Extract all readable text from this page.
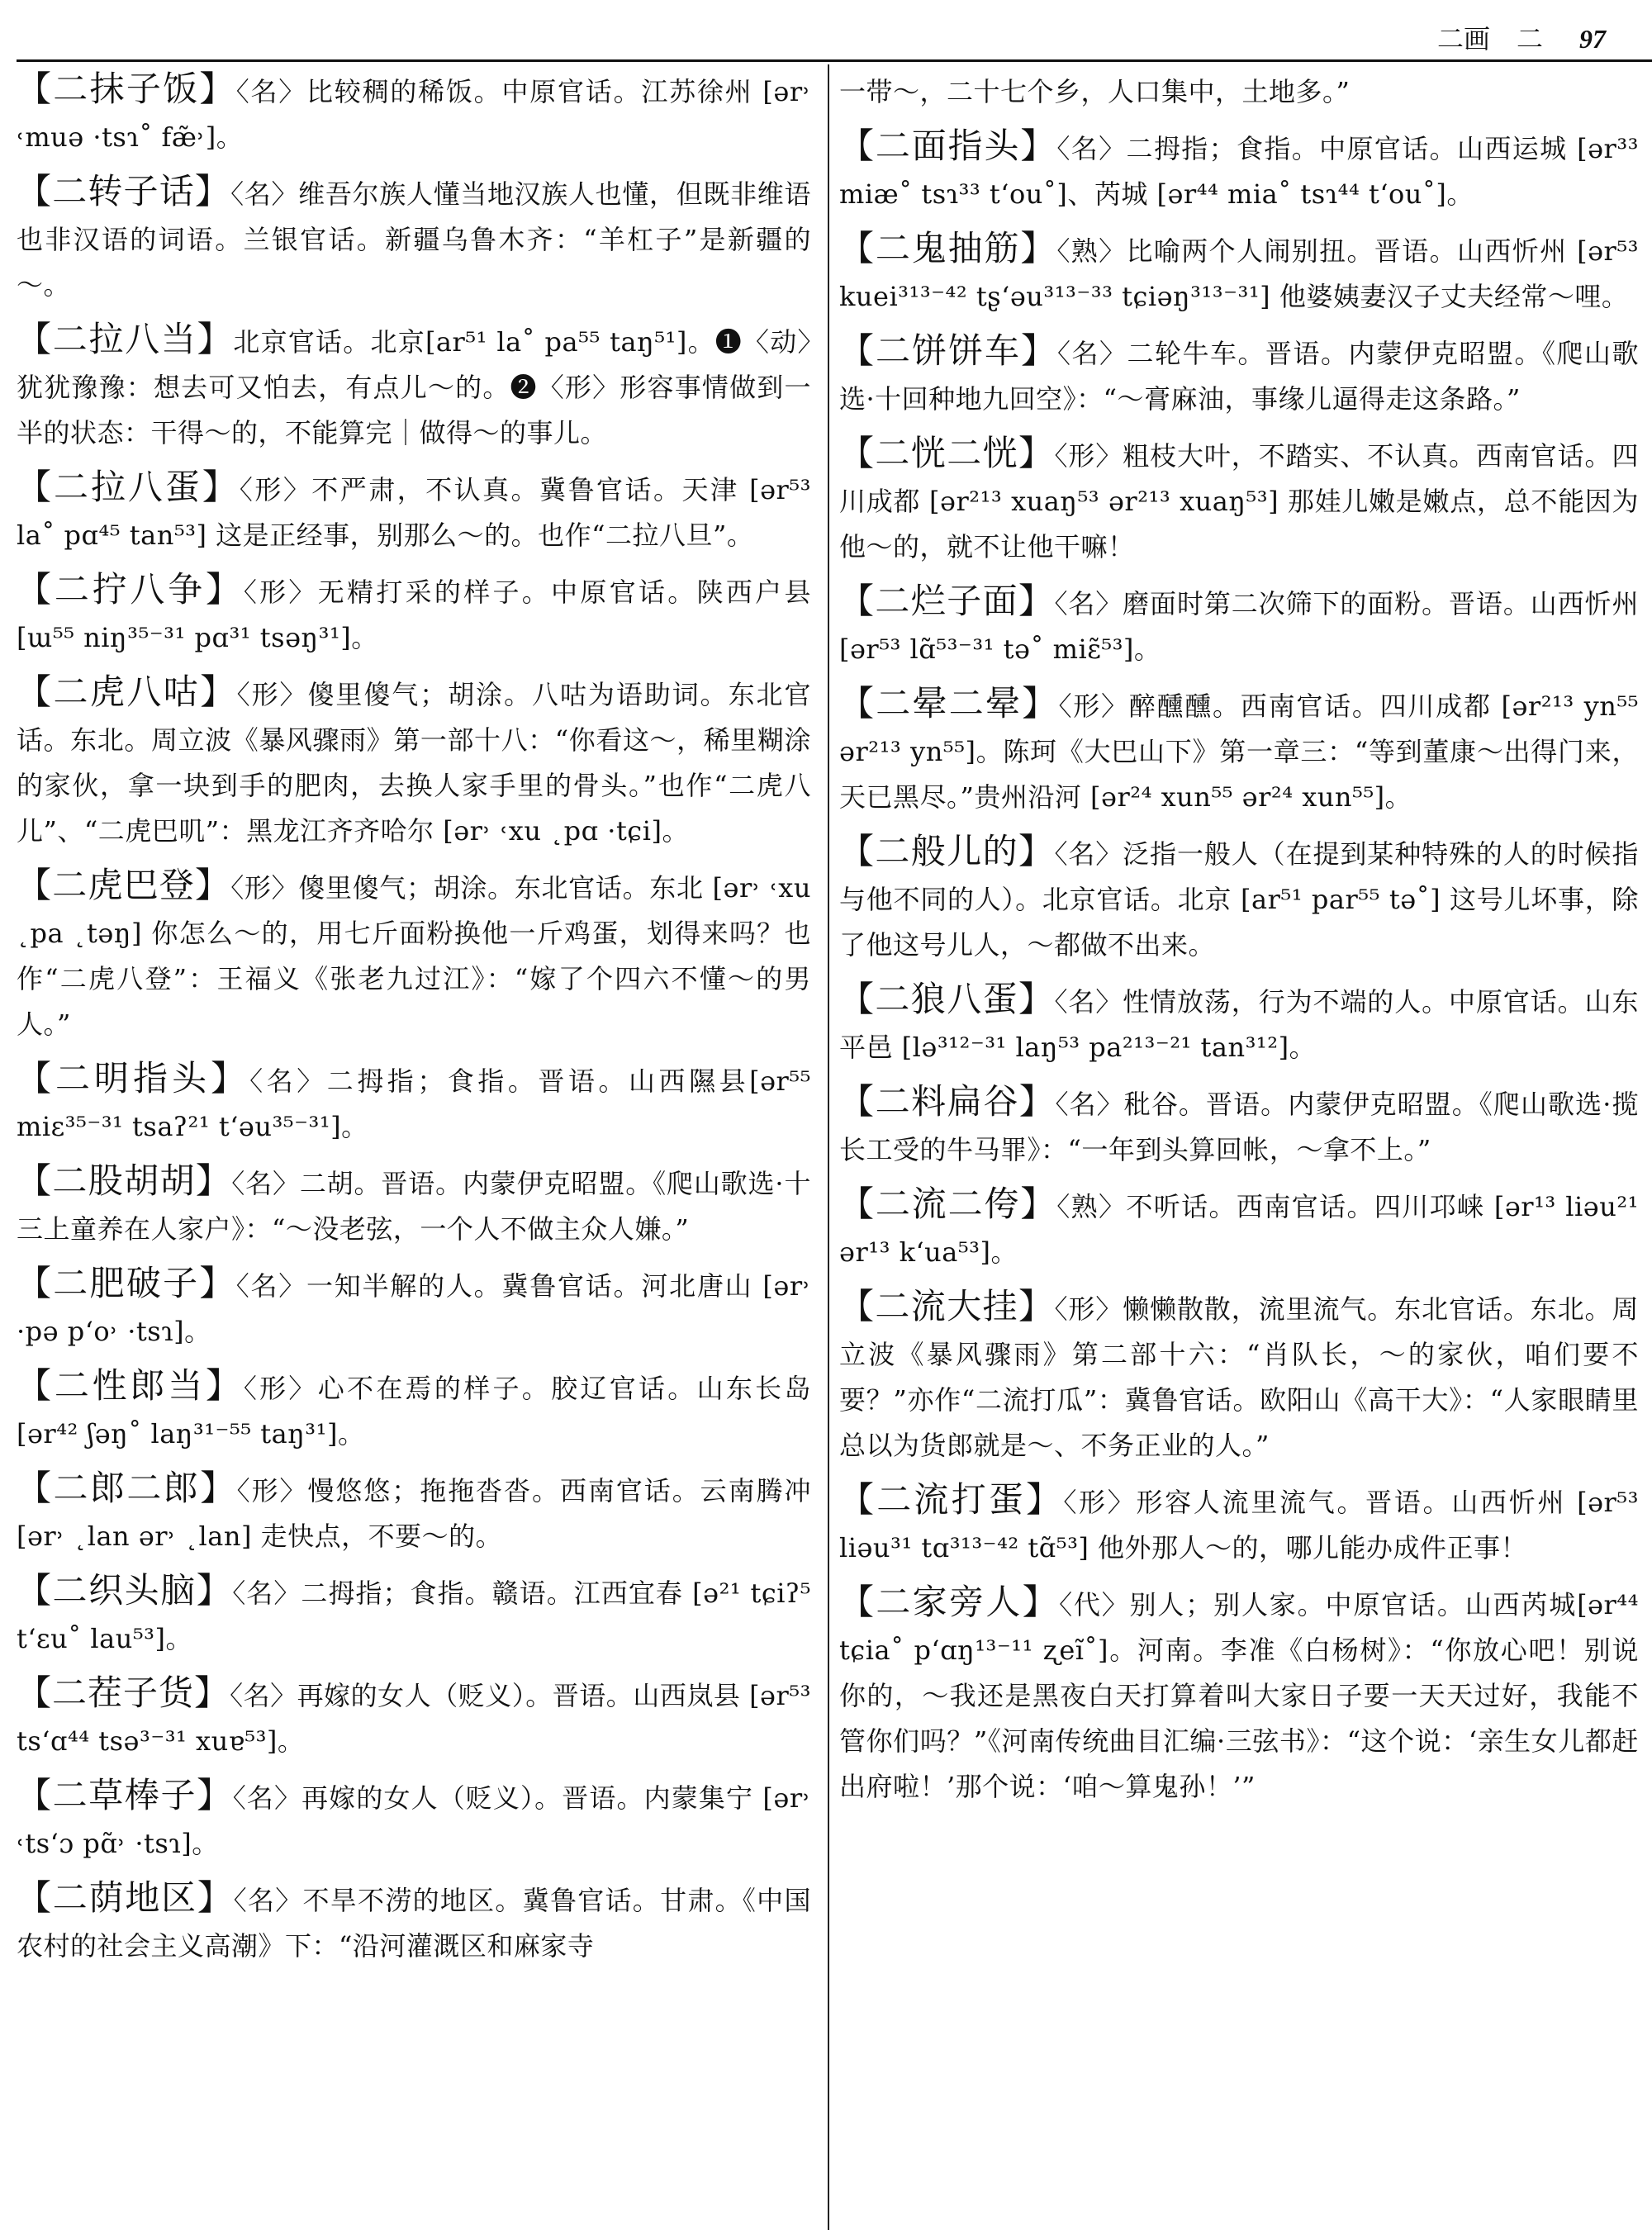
二画　二 97
【 二抹子饭 】 〈名〉比较稠的稀饭。中原官话。江苏徐州 [ər˒ ˓muə ·tsɿ˚ fæ̃˒]。
【 二转子话 】 〈名〉维吾尔族人懂当地汉族人也懂，但既非维语也非汉语的词语。兰银官话。新疆乌鲁木齐：“羊杠子”是新疆的～。
【 二拉八当 】 北京官话。北京[ar⁵¹ la˚ pa⁵⁵ taŋ⁵¹]。❶〈动〉犹犹豫豫：想去可又怕去，有点儿～的。❷〈形〉形容事情做到一半的状态：干得～的，不能算完｜做得～的事儿。
【 二拉八蛋 】 〈形〉不严肃，不认真。冀鲁官话。天津 [ər⁵³ la˚ pɑ⁴⁵ tan⁵³] 这是正经事，别那么～的。也作“二拉八旦”。
【 二拧八争 】 〈形〉无精打采的样子。中原官话。陕西户县 [ɯ⁵⁵ niŋ³⁵⁻³¹ pɑ³¹ tsəŋ³¹]。
【 二虎八咕 】 〈形〉傻里傻气；胡涂。八咕为语助词。东北官话。东北。周立波《暴风骤雨》第一部十八：“你看这～，稀里糊涂的家伙，拿一块到手的肥肉，去换人家手里的骨头。”也作“二虎八儿”、“二虎巴叽”：黑龙江齐齐哈尔 [ər˒ ˓xu ˛pɑ ·tɕi]。
【 二虎巴登 】 〈形〉傻里傻气；胡涂。东北官话。东北 [ər˒ ˓xu ˛pa ˛təŋ] 你怎么～的，用七斤面粉换他一斤鸡蛋，划得来吗？也作“二虎八登”：王福义《张老九过江》：“嫁了个四六不懂～的男人。”
【 二明指头 】 〈名〉二拇指；食指。晋语。山西隰县[ər⁵⁵ miɛ³⁵⁻³¹ tsaʔ²¹ tʻəu³⁵⁻³¹]。
【 二股胡胡 】 〈名〉二胡。晋语。内蒙伊克昭盟。《爬山歌选·十三上童养在人家户》：“～没老弦，一个人不做主众人嫌。”
【 二肥破子 】 〈名〉一知半解的人。冀鲁官话。河北唐山 [ər˒ ·pə pʻo˒ ·tsɿ]。
【 二性郎当 】 〈形〉心不在焉的样子。胶辽官话。山东长岛 [ər⁴² ʃəŋ˚ laŋ³¹⁻⁵⁵ taŋ³¹]。
【 二郎二郎 】 〈形〉慢悠悠；拖拖沓沓。西南官话。云南腾冲 [ər˒ ˛lan ər˒ ˛lan] 走快点，不要～的。
【 二织头脑 】 〈名〉二拇指；食指。赣语。江西宜春 [ə²¹ tɕiʔ⁵ tʻɛu˚ lau⁵³]。
【 二茬子货 】 〈名〉再嫁的女人（贬义）。晋语。山西岚县 [ər⁵³ tsʻɑ⁴⁴ tsə³⁻³¹ xuɐ⁵³]。
【 二草棒子 】 〈名〉再嫁的女人（贬义）。晋语。内蒙集宁 [ər˒ ˓tsʻɔ pɑ̃˒ ·tsɿ]。
【 二荫地区 】 〈名〉不旱不涝的地区。冀鲁官话。甘肃。《中国农村的社会主义高潮》下：“沿河灌溉区和麻家寺
一带～，二十七个乡，人口集中，土地多。”
【 二面指头 】 〈名〉二拇指；食指。中原官话。山西运城 [ər³³ miæ˚ tsɿ³³ tʻou˚]、芮城 [ər⁴⁴ mia˚ tsɿ⁴⁴ tʻou˚]。
【 二鬼抽筋 】 〈熟〉比喻两个人闹别扭。晋语。山西忻州 [ər⁵³ kuei³¹³⁻⁴² tʂʻəu³¹³⁻³³ tɕiəŋ³¹³⁻³¹] 他婆姨妻汉子丈夫经常～哩。
【 二饼饼车 】 〈名〉二轮牛车。晋语。内蒙伊克昭盟。《爬山歌选·十回种地九回空》：“～膏麻油，事缘儿逼得走这条路。”
【 二恍二恍 】 〈形〉粗枝大叶，不踏实、不认真。西南官话。四川成都 [ər²¹³ xuaŋ⁵³ ər²¹³ xuaŋ⁵³] 那娃儿嫩是嫩点，总不能因为他～的，就不让他干嘛！
【 二烂子面 】 〈名〉磨面时第二次筛下的面粉。晋语。山西忻州 [ər⁵³ lɑ̃⁵³⁻³¹ tə˚ miɛ̃⁵³]。
【 二晕二晕 】 〈形〉醉醺醺。西南官话。四川成都 [ər²¹³ yn⁵⁵ ər²¹³ yn⁵⁵]。陈珂《大巴山下》第一章三：“等到董康～出得门来，天已黑尽。”贵州沿河 [ər²⁴ xun⁵⁵ ər²⁴ xun⁵⁵]。
【 二般儿的 】 〈名〉泛指一般人（在提到某种特殊的人的时候指与他不同的人）。北京官话。北京 [ar⁵¹ par⁵⁵ tə˚] 这号儿坏事，除了他这号儿人，～都做不出来。
【 二狼八蛋 】 〈名〉性情放荡，行为不端的人。中原官话。山东平邑 [lə³¹²⁻³¹ laŋ⁵³ pa²¹³⁻²¹ tan³¹²]。
【 二料扁谷 】 〈名〉秕谷。晋语。内蒙伊克昭盟。《爬山歌选·揽长工受的牛马罪》：“一年到头算回帐，～拿不上。”
【 二流二侉 】 〈熟〉不听话。西南官话。四川邛崃 [ər¹³ liəu²¹ ər¹³ kʻua⁵³]。
【 二流大挂 】 〈形〉懒懒散散，流里流气。东北官话。东北。周立波《暴风骤雨》第二部十六：“肖队长，～的家伙，咱们要不要？”亦作“二流打瓜”：冀鲁官话。欧阳山《高干大》：“人家眼睛里总以为货郎就是～、不务正业的人。”
【 二流打蛋 】 〈形〉形容人流里流气。晋语。山西忻州 [ər⁵³ liəu³¹ tɑ³¹³⁻⁴² tɑ̃⁵³] 他外那人～的，哪儿能办成件正事！
【 二家旁人 】 〈代〉别人；别人家。中原官话。山西芮城[ər⁴⁴ tɕia˚ pʻɑŋ¹³⁻¹¹ ʐeĩ˚]。河南。李准《白杨树》：“你放心吧！别说你的，～我还是黑夜白天打算着叫大家日子要一天天过好，我能不管你们吗？”《河南传统曲目汇编·三弦书》：“这个说：‘亲生女儿都赶出府啦！’那个说：‘咱～算鬼孙！’”
